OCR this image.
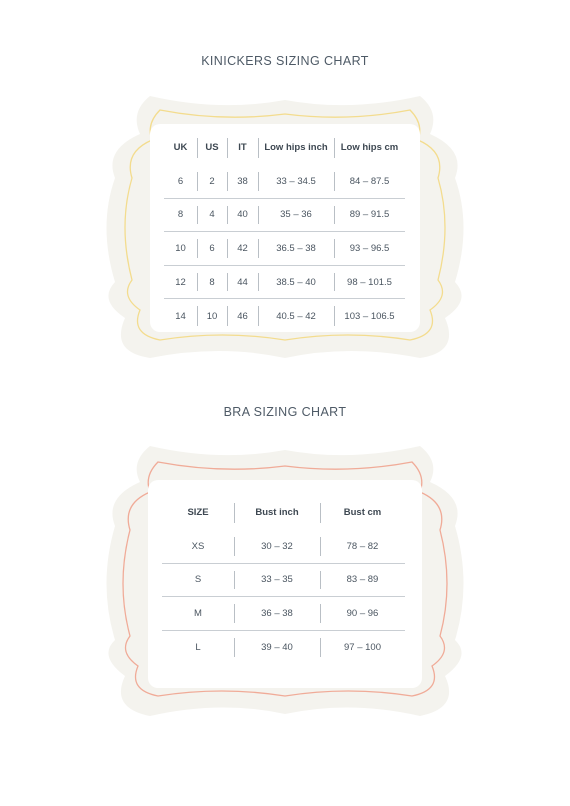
KINICKERS SIZING CHART
UK	US	IT	Low hips inch	Low hips cm
6	2	38	33 – 34.5	84 – 87.5
8	4	40	35 – 36	89 – 91.5
10	6	42	36.5 – 38	93 – 96.5
12	8	44	38.5 – 40	98 – 101.5
14	10	46	40.5 – 42	103 – 106.5
BRA SIZING CHART
SIZE	Bust inch	Bust cm
XS	30 – 32	78 – 82
S	33 – 35	83 – 89
M	36 – 38	90 – 96
L	39 – 40	97 – 100
